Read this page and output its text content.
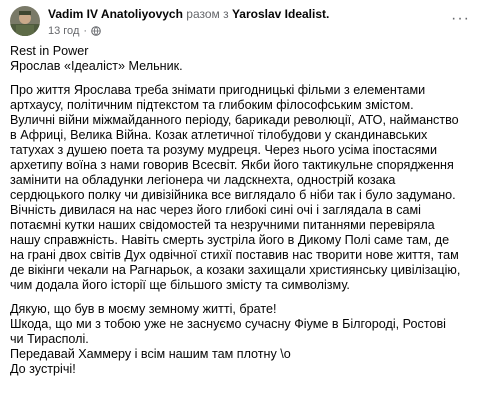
Vadim IV Anatoliyovych разом з Yaroslav Idealist.
13 год ·
···

Rest in Power
Ярослав «Ідеаліст» Мельник.

Про життя Ярослава треба знімати пригодницькі фільми з елементами
артхаусу, політичним підтекстом та глибоким філософським змістом.
Вуличні війни міжмайданного періоду, барикади революції, АТО, найманство
в Африці, Велика Війна. Козак атлетичної тілобудови у скандинавських
татухах з душею поета та розуму мудреця. Через нього усіма іпостасями
архетипу воїна з нами говорив Всесвіт. Якби його тактикульне спорядження
замінити на обладунки легіонера чи ладскнехта, однострій козака
сердюцького полку чи дивізійника все виглядало б ніби так і було задумано.
Вічність дивилася на нас через його глибокі сині очі і заглядала в самі
потаємні кутки наших свідомостей та незручними питаннями перевіряла
нашу справжність. Навіть смерть зустріла його в Дикому Полі саме там, де
на грані двох світів Дух одвічної стихії поставив нас творити нове життя, там
де вікінги чекали на Рагнарьок, а козаки захищали християнську цивілізацію,
чим додала його історії ще більшого змісту та символізму.

Дякую, що був в моєму земному житті, брате!
Шкода, що ми з тобою уже не заснуємо сучасну Фіуме в Білгороді, Ростові
чи Тирасполі.
Передавай Хаммеру і всім нашим там плотну \о
До зустрічі!
